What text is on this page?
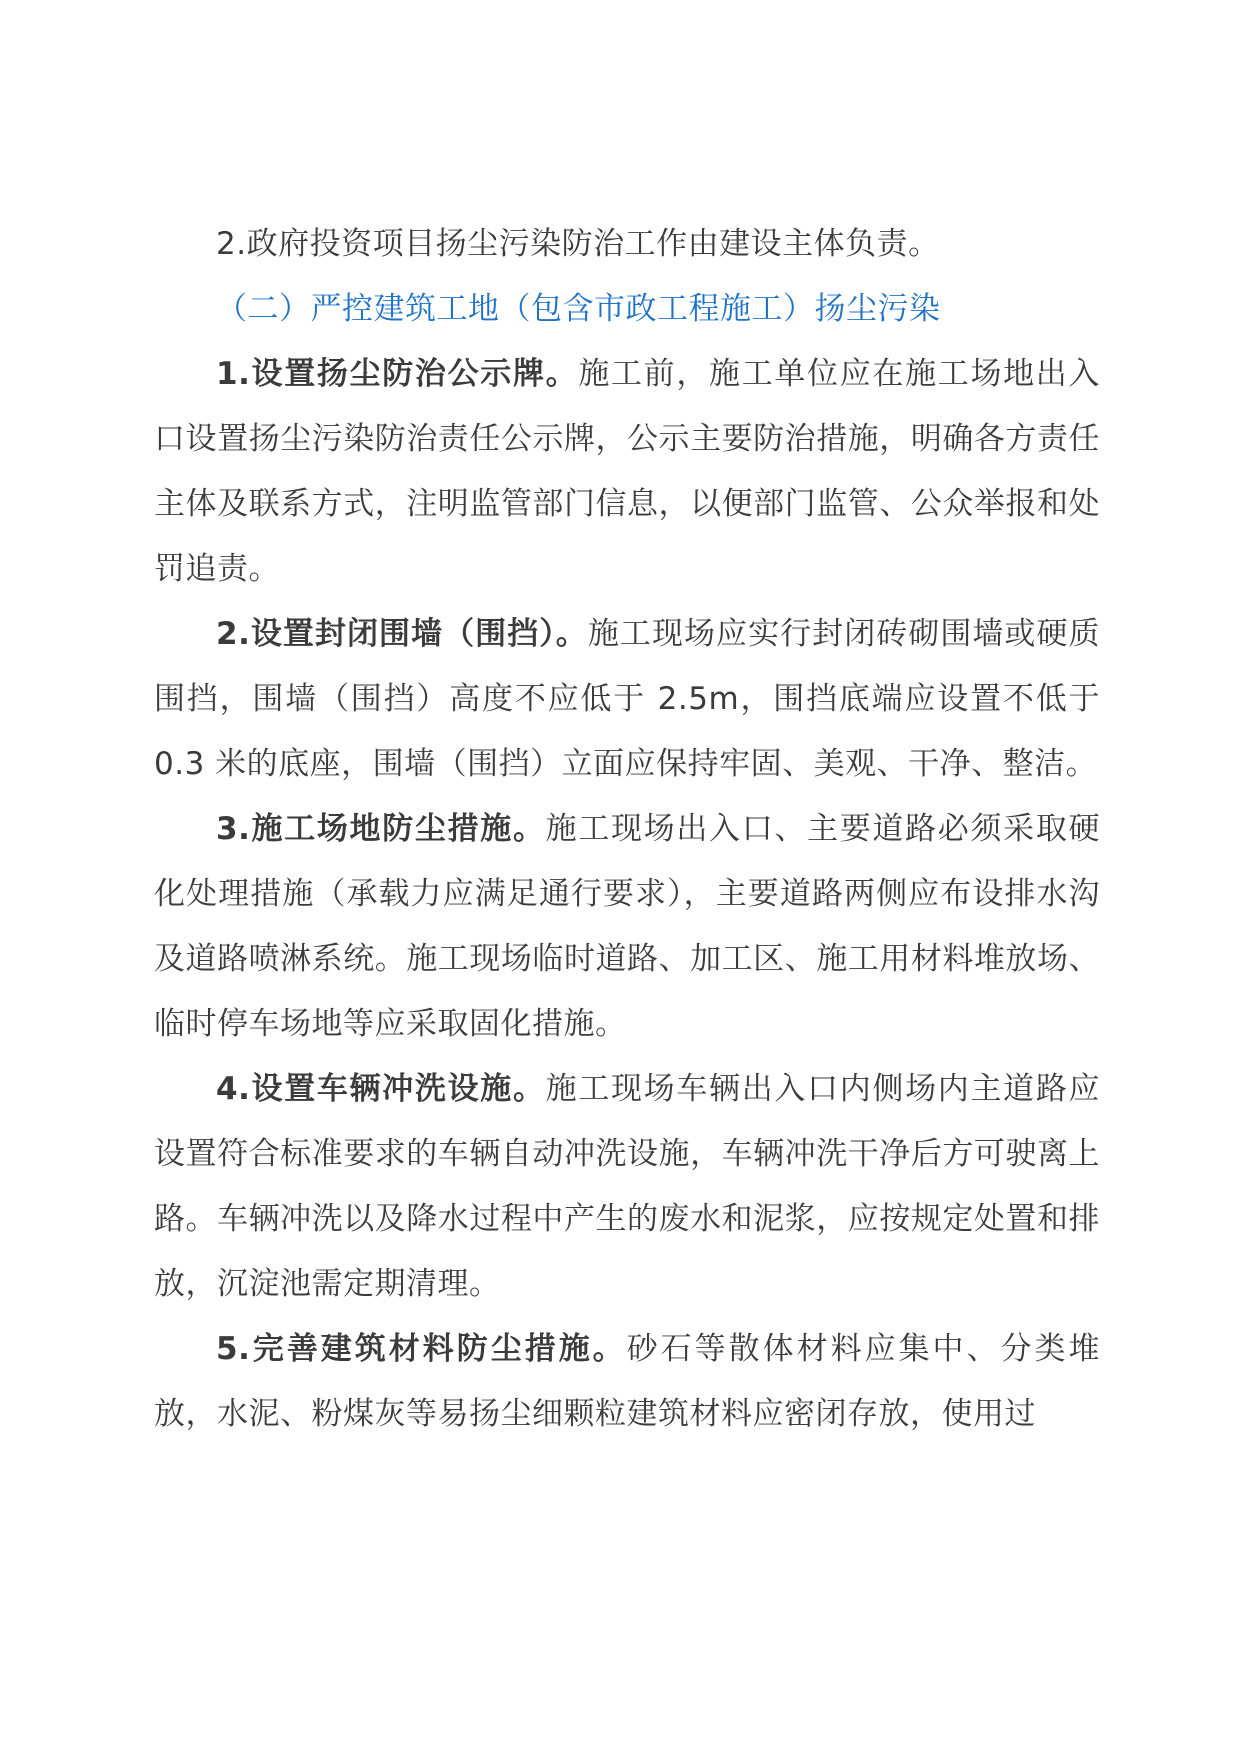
2.政府投资项目扬尘污染防治工作由建设主体负责。

（二）严控建筑工地（包含市政工程施工）扬尘污染

1.设置扬尘防治公示牌。施工前，施工单位应在施工场地出入口设置扬尘污染防治责任公示牌，公示主要防治措施，明确各方责任主体及联系方式，注明监管部门信息，以便部门监管、公众举报和处罚追责。

2.设置封闭围墙（围挡）。施工现场应实行封闭砖砌围墙或硬质围挡，围墙（围挡）高度不应低于 2.5m，围挡底端应设置不低于 0.3 米的底座，围墙（围挡）立面应保持牢固、美观、干净、整洁。

3.施工场地防尘措施。施工现场出入口、主要道路必须采取硬化处理措施（承载力应满足通行要求），主要道路两侧应布设排水沟及道路喷淋系统。施工现场临时道路、加工区、施工用材料堆放场、临时停车场地等应采取固化措施。

4.设置车辆冲洗设施。施工现场车辆出入口内侧场内主道路应设置符合标准要求的车辆自动冲洗设施，车辆冲洗干净后方可驶离上路。车辆冲洗以及降水过程中产生的废水和泥浆，应按规定处置和排放，沉淀池需定期清理。

5.完善建筑材料防尘措施。砂石等散体材料应集中、分类堆放，水泥、粉煤灰等易扬尘细颗粒建筑材料应密闭存放，使用过
